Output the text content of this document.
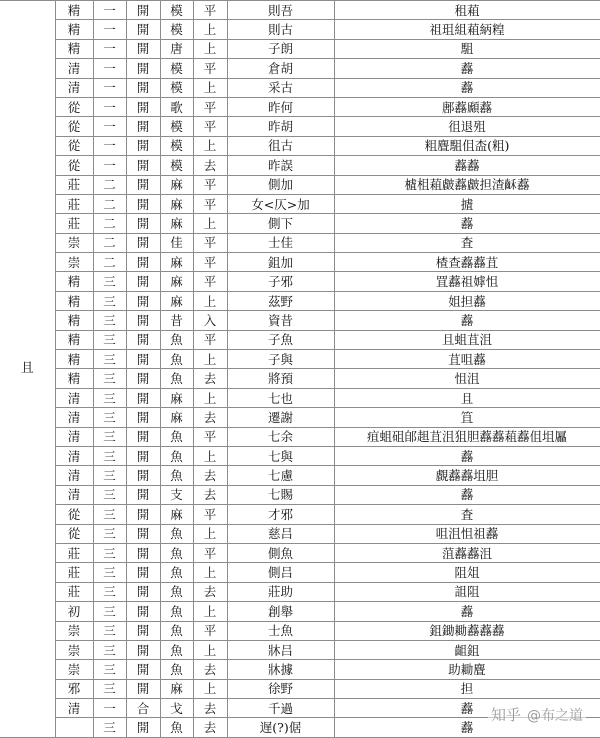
且	精	一	開	模	平	則吾	租蒩
	精	一	開	模	上	則古	祖珇組蒩䋑䊗
	精	一	開	唐	上	子朗	駔
	清	一	開	模	平	倉胡	䖃
	清	一	開	模	上	采古	䖃
	從	一	開	歌	平	昨何	鄌䖃䫢䖃
	從	一	開	模	平	昨胡	徂退殂
	從	一	開	模	上	徂古	粗麆駔伹㭗(粗)
	從	一	開	模	去	昨誤	䖃䖃
	莊	二	開	麻	平	側加	樝柤蒩皻䖃皻担渣𪗮䖃
	莊	二	開	麻	平	女<仄>加	摣
	莊	二	開	麻	上	側下	䖃
	崇	二	開	佳	平	士佳	査
	崇	二	開	麻	平	鉏加	楂查䖃䖃苴
	精	三	開	麻	平	子邪	罝䖃祖嫭怚
	精	三	開	麻	上	茲野	姐担䖃
	精	三	開	昔	入	資昔	䖃
	精	三	開	魚	平	子魚	且蛆苴沮
	精	三	開	魚	上	子與	苴咀䖃
	精	三	開	魚	去	將預	怚沮
	清	三	開	麻	上	七也	且
	清	三	開	麻	去	遷謝	笡
	清	三	開	魚	平	七余	疽蛆砠郋趄苴沮狙胆䖃䖃蒩䖃伹坥屭
	清	三	開	魚	上	七與	䖃
	清	三	開	魚	去	七慮	覰䖃䖃坥胆
	清	三	開	支	去	七賜	䖃
	從	三	開	麻	平	才邪	査
	從	三	開	魚	上	慈吕	咀沮怚祖䖃
	莊	三	開	魚	平	側魚	菹䖃䖃沮
	莊	三	開	魚	上	側吕	阻俎
	莊	三	開	魚	去	莊助	詛阻
	初	三	開	魚	上	創舉	䖃
	崇	三	開	魚	平	士魚	鉏鋤耡䖃䖃䖃
	崇	三	開	魚	上	牀吕	齟鉏
	崇	三	開	魚	去	牀據	助耡麆
	邪	三	開	麻	上	徐野	担
	清	一	合	戈	去	千過	䖃
		三	開	魚	去	遅(?)倨	䖃
知乎 @布之道
